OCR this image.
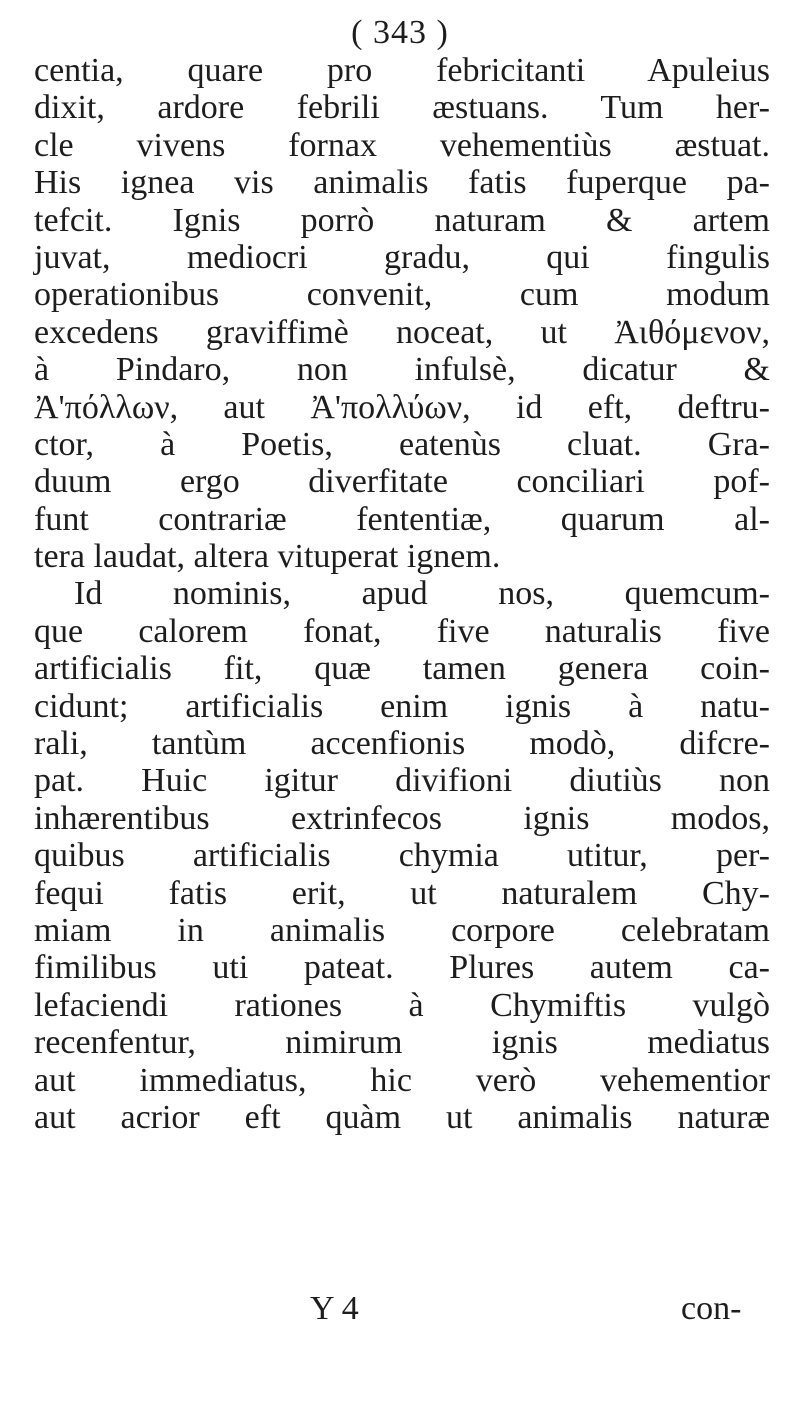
( 343 )
centia, quare pro febricitanti Apuleius
dixit, ardore febrili æstuans. Tum her-
cle vivens fornax vehementiùs æstuat.
His ignea vis animalis fatis fuperque pa-
tefcit. Ignis porrò naturam & artem
juvat, mediocri gradu, qui fingulis
operationibus convenit, cum modum
excedens graviffimè noceat, ut Ἀιθόμενον,
à Pindaro, non infulsè, dicatur &
Ἀ'πόλλων, aut Ἀ'πολλύων, id eft, deftru-
ctor, à Poetis, eatenùs cluat. Gra-
duum ergo diverfitate conciliari pof-
funt contrariæ fententiæ, quarum al-
tera laudat, altera vituperat ignem.
Id nominis, apud nos, quemcum-
que calorem fonat, five naturalis five
artificialis fit, quæ tamen genera coin-
cidunt; artificialis enim ignis à natu-
rali, tantùm accenfionis modò, difcre-
pat. Huic igitur divifioni diutiùs non
inhærentibus extrinfecos ignis modos,
quibus artificialis chymia utitur, per-
fequi fatis erit, ut naturalem Chy-
miam in animalis corpore celebratam
fimilibus uti pateat. Plures autem ca-
lefaciendi rationes à Chymiftis vulgò
recenfentur, nimirum ignis mediatus
aut immediatus, hic verò vehementior
aut acrior eft quàm ut animalis naturæ
Y 4	con-
